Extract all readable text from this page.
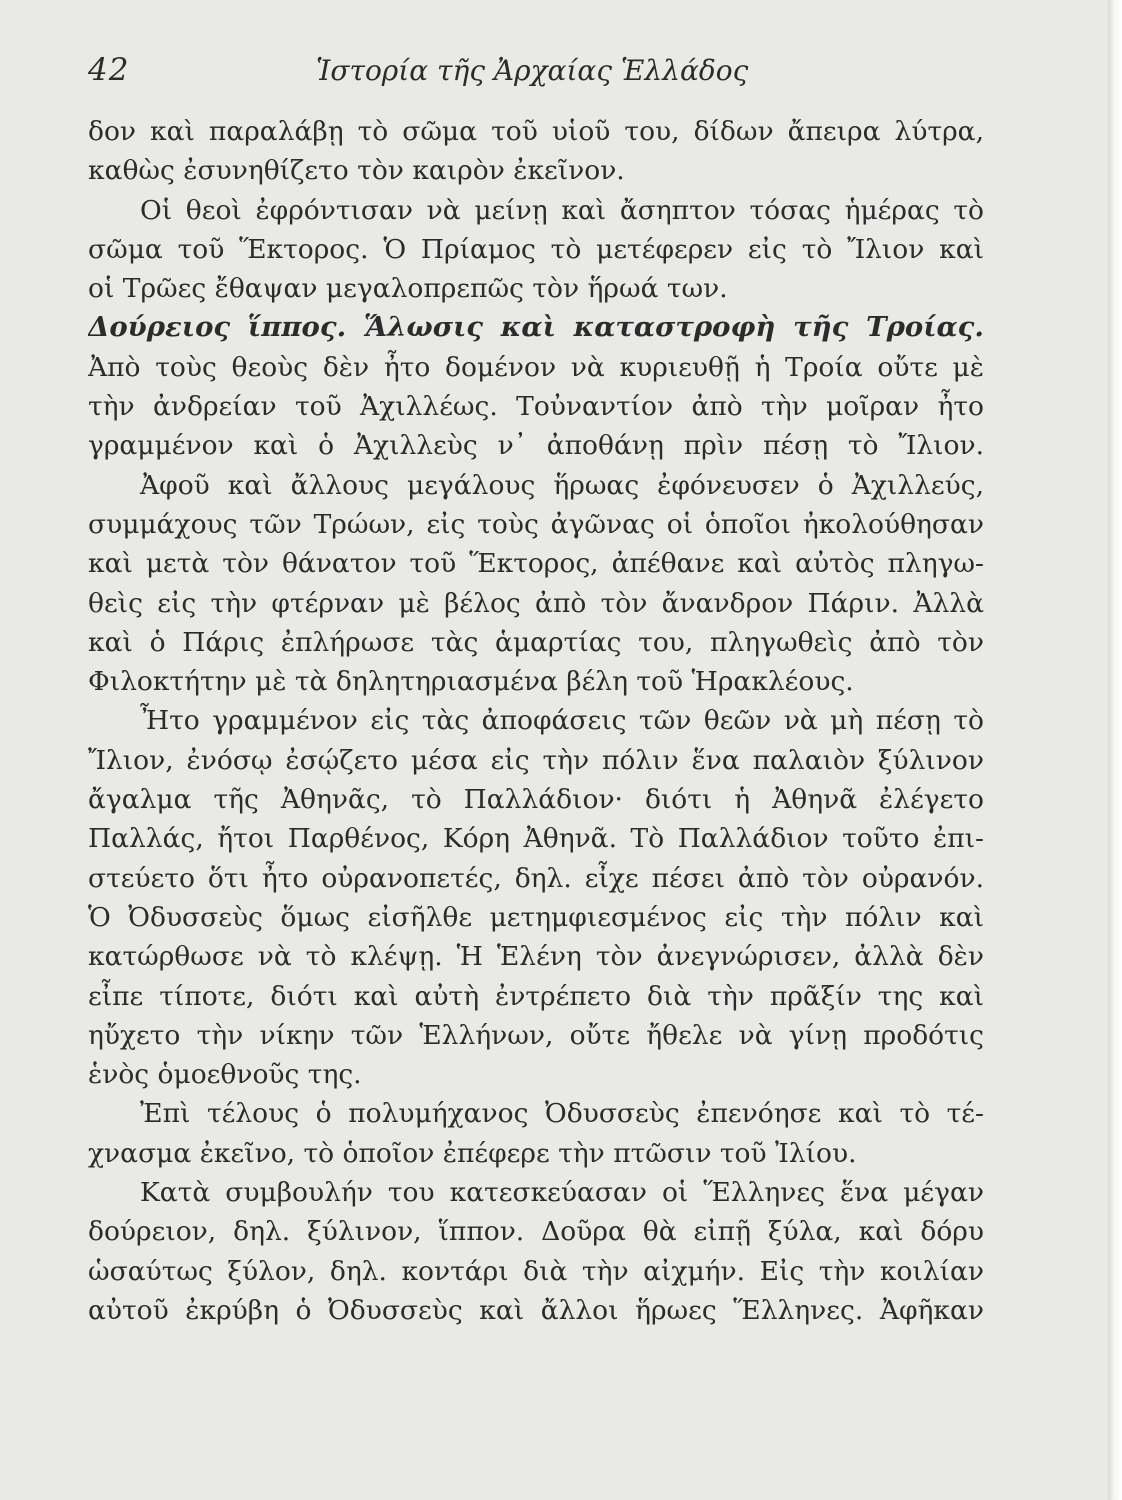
42	Ἱστορία τῆς Ἀρχαίας Ἑλλάδος
δον καὶ παραλάβῃ τὸ σῶμα τοῦ υἱοῦ του, δίδων ἄπειρα λύτρα,
καθὼς ἐσυνηθίζετο τὸν καιρὸν ἐκεῖνον.
Οἱ θεοὶ ἐφρόντισαν νὰ μείνῃ καὶ ἄσηπτον τόσας ἡμέρας τὸ
σῶμα τοῦ Ἕκτορος. Ὁ Πρίαμος τὸ μετέφερεν εἰς τὸ Ἴλιον καὶ
οἱ Τρῶες ἔθαψαν μεγαλοπρεπῶς τὸν ἥρωά των.
Δούρειος ἵππος. Ἅλωσις καὶ καταστροφὴ τῆς Τροίας.
Ἀπὸ τοὺς θεοὺς δὲν ἦτο δομένον νὰ κυριευθῇ ἡ Τροία οὔτε μὲ
τὴν ἀνδρείαν τοῦ Ἀχιλλέως. Τοὐναντίον ἀπὸ τὴν μοῖραν ἦτο
γραμμένον καὶ ὁ Ἀχιλλεὺς ν᾽ ἀποθάνῃ πρὶν πέσῃ τὸ Ἴλιον.
Ἀφοῦ καὶ ἄλλους μεγάλους ἥρωας ἐφόνευσεν ὁ Ἀχιλλεύς,
συμμάχους τῶν Τρώων, εἰς τοὺς ἀγῶνας οἱ ὁποῖοι ἠκολούθησαν
καὶ μετὰ τὸν θάνατον τοῦ Ἕκτορος, ἀπέθανε καὶ αὐτὸς πληγω-
θεὶς εἰς τὴν φτέρναν μὲ βέλος ἀπὸ τὸν ἄνανδρον Πάριν. Ἀλλὰ
καὶ ὁ Πάρις ἐπλήρωσε τὰς ἁμαρτίας του, πληγωθεὶς ἀπὸ τὸν
Φιλοκτήτην μὲ τὰ δηλητηριασμένα βέλη τοῦ Ἡρακλέους.
Ἦτο γραμμένον εἰς τὰς ἀποφάσεις τῶν θεῶν νὰ μὴ πέσῃ τὸ
Ἴλιον, ἐνόσῳ ἐσῴζετο μέσα εἰς τὴν πόλιν ἕνα παλαιὸν ξύλινον
ἄγαλμα τῆς Ἀθηνᾶς, τὸ Παλλάδιον· διότι ἡ Ἀθηνᾶ ἐλέγετο
Παλλάς, ἤτοι Παρθένος, Κόρη Ἀθηνᾶ. Τὸ Παλλάδιον τοῦτο ἐπι-
στεύετο ὅτι ἦτο οὐρανοπετές, δηλ. εἶχε πέσει ἀπὸ τὸν οὐρανόν.
Ὁ Ὀδυσσεὺς ὅμως εἰσῆλθε μετημφιεσμένος εἰς τὴν πόλιν καὶ
κατώρθωσε νὰ τὸ κλέψῃ. Ἡ Ἑλένη τὸν ἀνεγνώρισεν, ἀλλὰ δὲν
εἶπε τίποτε, διότι καὶ αὐτὴ ἐντρέπετο διὰ τὴν πρᾶξίν της καὶ
ηὔχετο τὴν νίκην τῶν Ἑλλήνων, οὔτε ἤθελε νὰ γίνῃ προδότις
ἑνὸς ὁμοεθνοῦς της.
Ἐπὶ τέλους ὁ πολυμήχανος Ὀδυσσεὺς ἐπενόησε καὶ τὸ τέ-
χνασμα ἐκεῖνο, τὸ ὁποῖον ἐπέφερε τὴν πτῶσιν τοῦ Ἰλίου.
Κατὰ συμβουλήν του κατεσκεύασαν οἱ Ἕλληνες ἕνα μέγαν
δούρειον, δηλ. ξύλινον, ἵππον. Δοῦρα θὰ εἰπῇ ξύλα, καὶ δόρυ
ὡσαύτως ξύλον, δηλ. κοντάρι διὰ τὴν αἰχμήν. Εἰς τὴν κοιλίαν
αὐτοῦ ἐκρύβη ὁ Ὀδυσσεὺς καὶ ἄλλοι ἥρωες Ἕλληνες. Ἀφῆκαν
